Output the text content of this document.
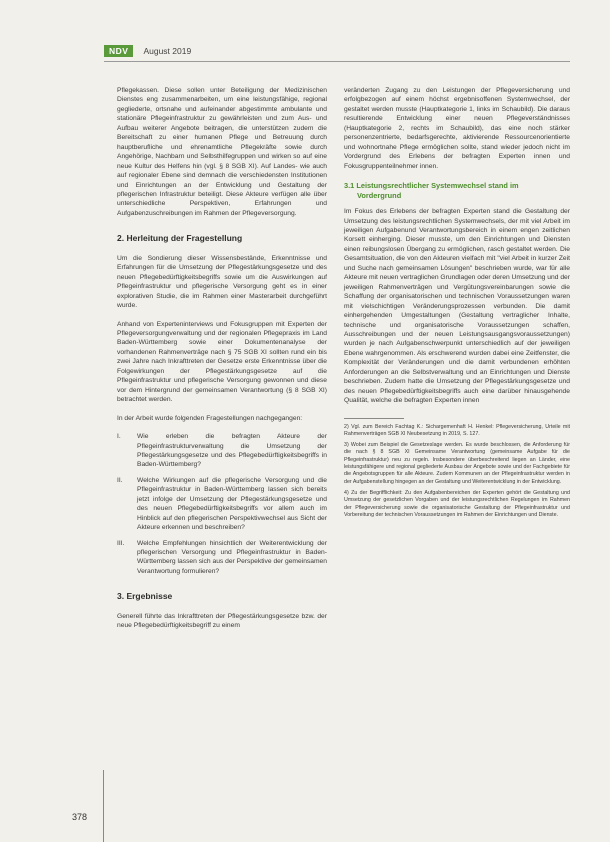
NDV	August 2019

Pflegekassen. Diese sollen unter Beteiligung der Medizinischen Dienstes eng zusammenarbeiten, um eine leistungsfähige, regional gegliederte, ortsnahe und aufeinander abgestimmte ambulante und stationäre Pflegeinfrastruktur zu gewährleisten und zum Aus- und Aufbau weiterer Angebote beitragen, die unterstützen zudem die Bereitschaft zu einer humanen Pflege und Betreuung durch hauptberufliche und ehrenamtliche Pflegekräfte sowie durch Angehörige, Nachbarn und Selbsthilfegruppen und wirken so auf eine neue Kultur des Helfens hin (vgl. § 8 SGB XI). Auf Landes- wie auch auf regionaler Ebene sind demnach die verschiedensten Institutionen und Einrichtungen an der Entwicklung und Gestaltung der pflegerischen Infrastruktur beteiligt. Diese Akteure verfügen alle über unterschiedliche Perspektiven, Erfahrungen und Aufgabenzuschreibungen im Rahmen der Pflegeversorgung.

2. Herleitung der Fragestellung

Um die Sondierung dieser Wissensbestände, Erkenntnisse und Erfahrungen für die Umsetzung der Pflegestärkungsgesetze und des neuen Pflegebedürftigkeitsbegriffs sowie um die Auswirkungen auf Pflegeinfrastruktur und pflegerische Versorgung geht es in einer explorativen Studie, die im Rahmen einer Masterarbeit durchgeführt wurde.

Anhand von Experteninterviews und Fokusgruppen mit Experten der Pflegeversorgungverwaltung und der regionalen Pflegepraxis im Land Baden-Württemberg sowie einer Dokumentenanalyse der vorhandenen Rahmenverträge nach § 75 SGB XI sollten rund ein bis zwei Jahre nach Inkrafttreten der Gesetze erste Erkenntnisse über die Folgewirkungen der Pflegestärkungsgesetze auf die Pflegeinfrastruktur und pflegerische Versorgung gewonnen und diese vor dem Hintergrund der gemeinsamen Verantwortung (§ 8 SGB XI) betrachtet werden.

In der Arbeit wurde folgenden Fragestellungen nachgegangen:

I.	Wie erleben die befragten Akteure der Pflegeinfrastrukturverwaltung die Umsetzung der Pflegestärkungsgesetze und des Pflegebedürftigkeitsbegriffs in Baden-Württemberg?
II.	Welche Wirkungen auf die pflegerische Versorgung und die Pflegeinfrastruktur in Baden-Württemberg lassen sich bereits jetzt infolge der Umsetzung der Pflegestärkungsgesetze und des neuen Pflegebedürftigkeitsbegriffs vor allem auch im Hinblick auf den pflegerischen Perspektivwechsel aus Sicht der Akteure erkennen und beschreiben?
III.	Welche Empfehlungen hinsichtlich der Weiterentwicklung der pflegerischen Versorgung und Pflegeinfrastruktur in Baden-Württemberg lassen sich aus der Perspektive der gemeinsamen Verantwortung formulieren?
3. Ergebnisse

Generell führte das Inkrafttreten der Pflegestärkungsgesetze bzw. der neue Pflegebedürftigkeitsbegriff zu einem

veränderten Zugang zu den Leistungen der Pflegeversicherung und erfolgbezogen auf einem höchst ergebnisoffenen Systemwechsel, der gestaltet werden musste (Hauptkategorie 1, links im Schaubild). Die daraus resultierende Entwicklung einer neuen Pflegeverständnisses (Hauptkategorie 2, rechts im Schaubild), das eine noch stärker personenzentrierte, bedarfsgerechte, aktivierende Ressourcenorientierte und wohnortnahe Pflege ermöglichen sollte, stand wieder jedoch nicht im Vordergrund des Erlebens der befragten Experten innen und Fokusgruppenteilnehmer innen.

3.1 Leistungsrechtlicher Systemwechsel stand im
Vordergrund

Im Fokus des Erlebens der befragten Experten stand die Gestaltung der Umsetzung des leistungsrechtlichen Systemwechsels, der mit viel Arbeit im jeweiligen Aufgabenund Verantwortungsbereich in einem engen zeitlichen Korsett einherging. Dieser musste, um den Einrichtungen und Diensten einen reibungslosen Übergang zu ermöglichen, rasch gestaltet werden. Die Gesamtsituation, die von den Akteuren vielfach mit "viel Arbeit in kurzer Zeit und Suche nach gemeinsamen Lösungen" beschrieben wurde, war für alle Akteure mit neuen vertraglichen Grundlagen oder deren Umsetzung und der jeweiligen Rahmenverträgen und Vergütungsvereinbarungen sowie die Schaffung der organisatorischen und technischen Voraussetzungen waren mit vielschichtigen Veränderungsprozessen verbunden. Die damit einhergehenden Umgestaltungen (Gestaltung vertraglicher Inhalte, technische und organisatorische Voraussetzungen schaffen, Ausschreibungen und der neuen Leistungsausgangsvoraussetzungen) wurden je nach Aufgabenschwerpunkt unterschiedlich auf der jeweiligen Ebene wahrgenommen. Als erschwerend wurden dabei eine Zeitfenster, die Komplexität der Veränderungen und die damit verbundenen erhöhten Anforderungen an die Selbstverwaltung und an Einrichtungen und Dienste beschrieben. Zudem hatte die Umsetzung der Pflegestärkungsgesetze und des neuen Pflegebedürftigkeitsbegriffs auch eine darüber hinausgehende Qualität, welche die befragten Experten innen

2) Vgl. zum Bereich Fachtag K.: Sichargemenhaft H. Henkel: Pflegeversicherung, Urteile mit Rahmenverträgen SGB XI Neubesetzung in 2019, S. 127.
3) Wobei zum Beispiel die Gesetzeslage werden. Es wurde beschlossen, die Anforderung für die nach § 8 SGB XI Gemeinsame Verantwortung (gemeinsame Aufgabe für die Pflegeinfrastruktur) neu zu regeln. Insbesondere überbeschreitend liegen an Länder, eine leistungsfähigere und regional gegliederte Ausbau der Angebote sowie und der Fachgebiete für die Angebotsgruppen für alle Akteure. Zudem Kommunen an der Pflegeinfrastruktur werden in der Aufgabenstellung hingegen an der Gestaltung und Weiterentwicklung in der Entwicklung.
4) Zu der Begrifflichkeit: Zu den Aufgabenbereichen der Experten gehört die Gestaltung und Umsetzung der gesetzlichen Vorgaben und der leistungsrechtlichen Regelungen im Rahmen der Pflegeversicherung sowie die organisatorische Gestaltung der Pflegeinfrastruktur und Vorbereitung der technischen Voraussetzungen im Rahmen der Einrichtungen und Dienste.
378
